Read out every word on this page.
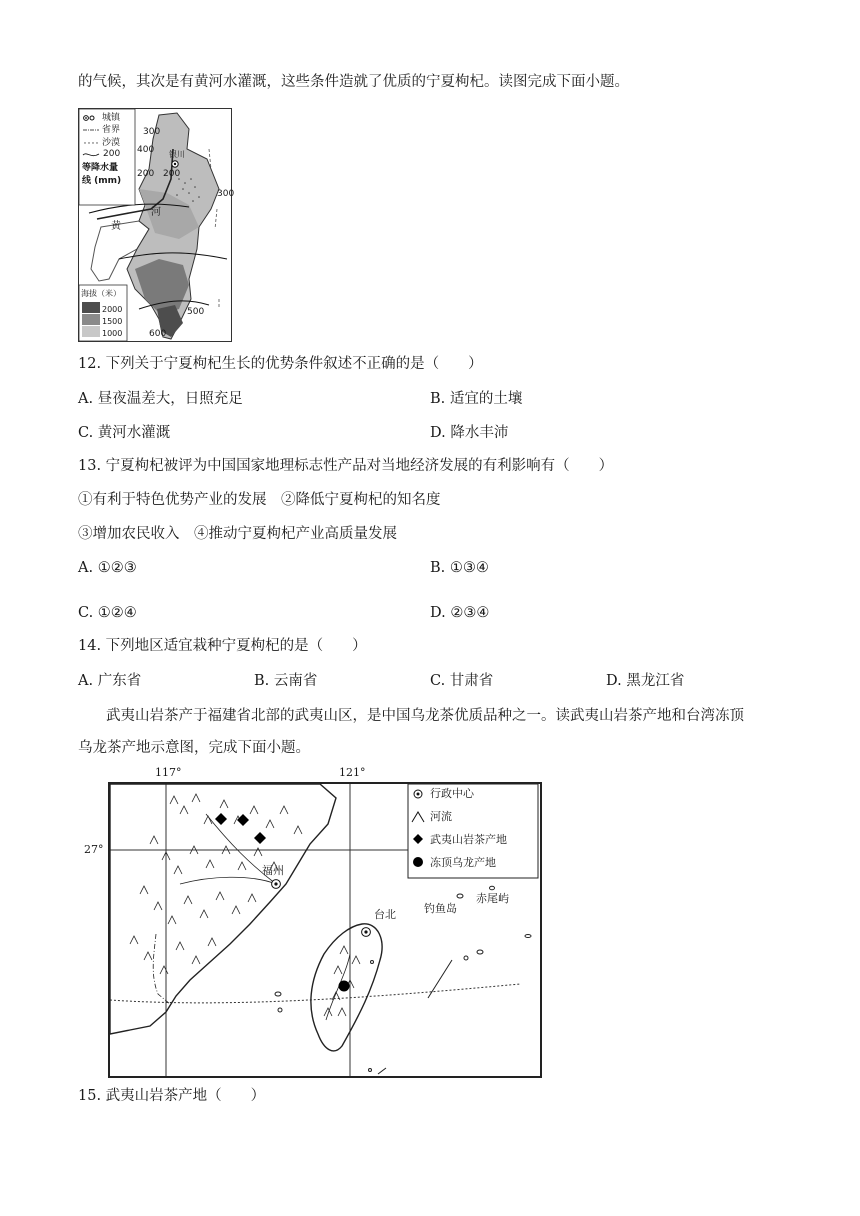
的气候，其次是有黄河水灌溉，这些条件造就了优质的宁夏枸杞。读图完成下面小题。
城镇
省界
沙漠
200
等降水量
线 (mm)
300
400
200 200
银川
河
黄
300
500
600
海拔（米）
2000
1500
1000
12. 下列关于宁夏枸杞生长的优势条件叙述不正确的是（　　）
A. 昼夜温差大，日照充足	B. 适宜的土壤
C. 黄河水灌溉	D. 降水丰沛
13. 宁夏枸杞被评为中国国家地理标志性产品对当地经济发展的有利影响有（　　）
①有利于特色优势产业的发展　②降低宁夏枸杞的知名度
③增加农民收入　④推动宁夏枸杞产业高质量发展
A. ①②③	B. ①③④
C. ①②④	D. ②③④
14. 下列地区适宜栽种宁夏枸杞的是（　　）
A. 广东省	B. 云南省	C. 甘肃省	D. 黑龙江省
武夷山岩茶产于福建省北部的武夷山区，是中国乌龙茶优质品种之一。读武夷山岩茶产地和台湾冻顶
乌龙茶产地示意图，完成下面小题。
117°	121°
27°
行政中心
河流
武夷山岩茶产地
冻顶乌龙产地
福州
台北	钓鱼岛
赤尾屿
15. 武夷山岩茶产地（　　）
